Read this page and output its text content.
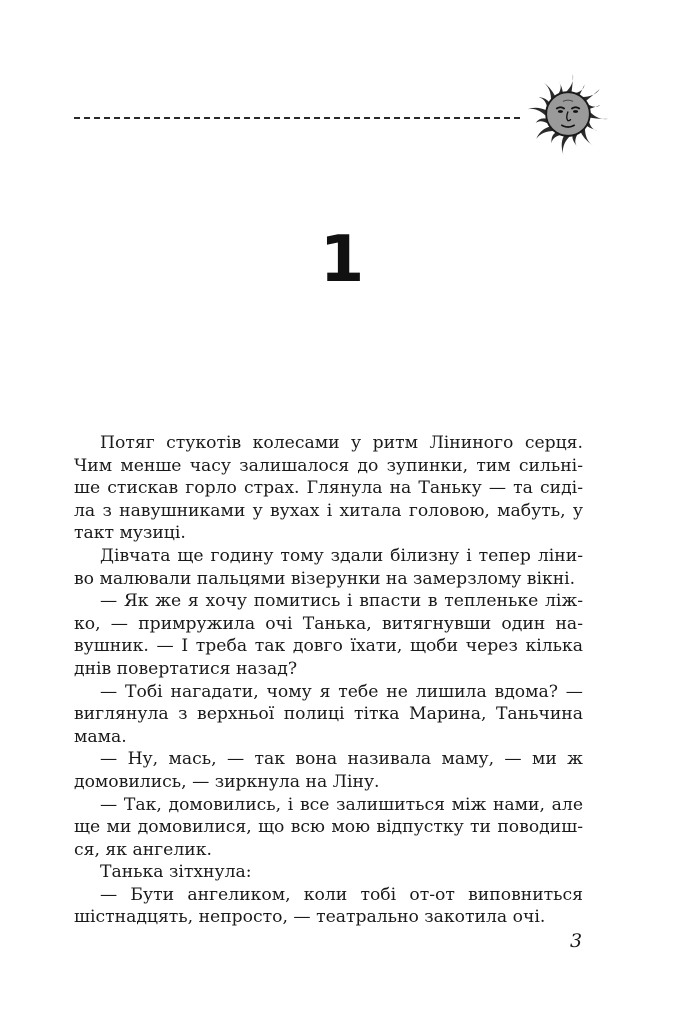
1

Потяг стукотів колесами у ритм Ліниного серця. Чим менше часу залишалося до зупинки, тим сильніше стискав горло страх. Глянула на Таньку — та сиділа з навушниками у вухах і хитала головою, мабуть, у такт музиці.

Дівчата ще годину тому здали білизну і тепер ліниво малювали пальцями візерунки на замерзлому вікні.

— Як же я хочу помитись і впасти в тепленьке лiжко, — примружила очі Танька, витягнувши один навушник. — І треба так довго їхати, щоби через кілька днів повертатися назад?

— Тобі нагадати, чому я тебе не лишила вдома? — виглянула з верхньої полиці тітка Марина, Таньчина мама.

— Ну, мась, — так вона називала маму, — ми ж домовились, — зиркнула на Ліну.

— Так, домовились, і все залишиться між нами, але ще ми домовилися, що всю мою відпустку ти поводишся, як ангелик.

Танька зітхнула:

— Бути ангеликом, коли тобі от-от виповниться шістнадцять, непросто, — театрально закотила очі.

3
